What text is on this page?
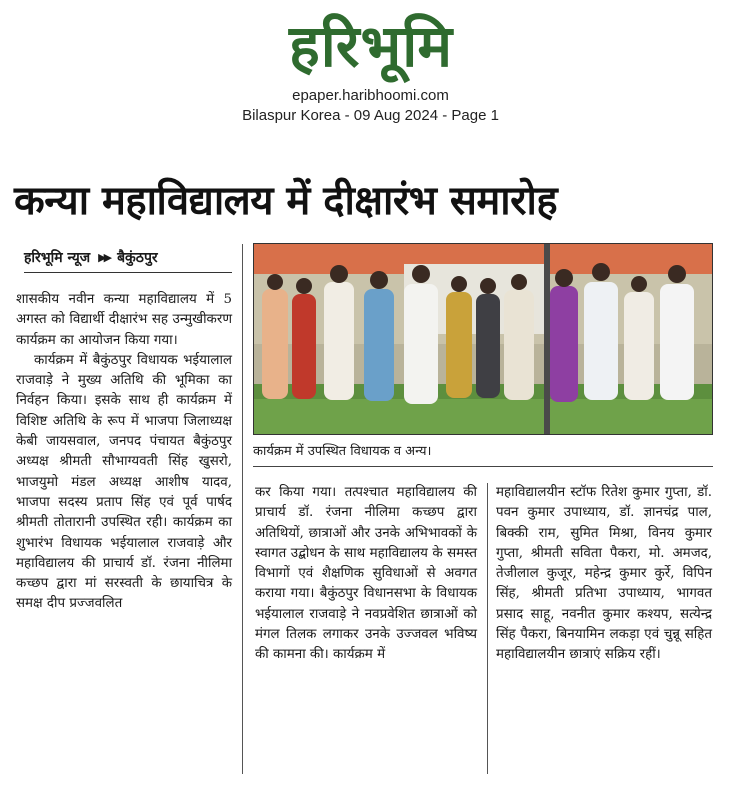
हरिभूमि
epaper.haribhoomi.com
Bilaspur Korea - 09 Aug 2024 - Page 1
कन्या महाविद्यालय में दीक्षारंभ समारोह
हरिभूमि न्यूज ▶▶ बैकुंठपुर
कार्यक्रम में उपस्थित विधायक व अन्य।

शासकीय नवीन कन्या महाविद्यालय में 5 अगस्त को विद्यार्थी दीक्षारंभ सह उन्मुखीकरण कार्यक्रम का आयोजन किया गया।

कार्यक्रम में बैकुंठपुर विधायक भईयालाल राजवाड़े ने मुख्य अतिथि की भूमिका का निर्वहन किया। इसके साथ ही कार्यक्रम में विशिष्ट अतिथि के रूप में भाजपा जिलाध्यक्ष केबी जायसवाल, जनपद पंचायत बैकुंठपुर अध्यक्ष श्रीमती सौभाग्यवती सिंह खुसरो, भाजयुमो मंडल अध्यक्ष आशीष यादव, भाजपा सदस्य प्रताप सिंह एवं पूर्व पार्षद श्रीमती तोतारानी उपस्थित रही। कार्यक्रम का शुभारंभ विधायक भईयालाल राजवाड़े और महाविद्यालय की प्राचार्य डॉ. रंजना नीलिमा कच्छप द्वारा मां सरस्वती के छायाचित्र के समक्ष दीप प्रज्जवलित

कर किया गया। तत्पश्चात महाविद्यालय की प्राचार्य डॉ. रंजना नीलिमा कच्छप द्वारा अतिथियों, छात्राओं और उनके अभिभावकों के स्वागत उद्बोधन के साथ महाविद्यालय के समस्त विभागों एवं शैक्षणिक सुविधाओं से अवगत कराया गया। बैकुंठपुर विधानसभा के विधायक भईयालाल राजवाड़े ने नवप्रवेशित छात्राओं को मंगल तिलक लगाकर उनके उज्जवल भविष्य की कामना की। कार्यक्रम में

महाविद्यालयीन स्टॉफ रितेश कुमार गुप्ता, डॉ. पवन कुमार उपाध्याय, डॉ. ज्ञानचंद्र पाल, बिक्की राम, सुमित मिश्रा, विनय कुमार गुप्ता, श्रीमती सविता पैकरा, मो. अमजद, तेजीलाल कुजूर, महेन्द्र कुमार कुर्रे, विपिन सिंह, श्रीमती प्रतिभा उपाध्याय, भागवत प्रसाद साहू, नवनीत कुमार कश्यप, सत्येन्द्र सिंह पैकरा, बिनयामिन लकड़ा एवं चुन्नू सहित महाविद्यालयीन छात्राएं सक्रिय रहीं।
